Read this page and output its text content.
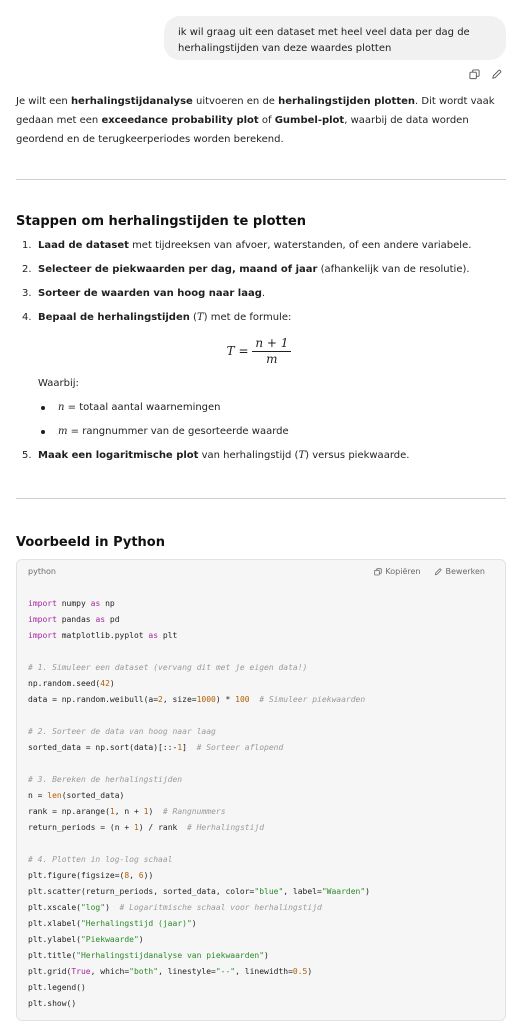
ik wil graag uit een dataset met heel veel data per dag de herhalingstijden van deze waardes plotten

Je wilt een herhalingstijdanalyse uitvoeren en de herhalingstijden plotten. Dit wordt vaak gedaan met een exceedance probability plot of Gumbel-plot, waarbij de data worden geordend en de terugkeerperiodes worden berekend.

Stappen om herhalingstijden te plotten
1. Laad de dataset met tijdreeksen van afvoer, waterstanden, of een andere variabele.
2. Selecteer de piekwaarden per dag, maand of jaar (afhankelijk van de resolutie).
3. Sorteer de waarden van hoog naar laag.
4. Bepaal de herhalingstijden (T) met de formule:
$T = \frac{n + 1}{m}$
Waarbij:
n = totaal aantal waarnemingen
m = rangnummer van de gesorteerde waarde
5. Maak een logaritmische plot van herhalingstijd (T) versus piekwaarde.
Voorbeeld in Python
python	Kopiëren	Bewerken
import numpy as np
import pandas as pd
import matplotlib.pyplot as plt

# 1. Simuleer een dataset (vervang dit met je eigen data!)
np.random.seed(42)
data = np.random.weibull(a=2, size=1000) * 100 # Simuleer piekwaarden

# 2. Sorteer de data van hoog naar laag
sorted_data = np.sort(data)[::-1]  # Sorteer aflopend

# 3. Bereken de herhalingstijden
n = len(sorted_data)
rank = np.arange(1, n + 1)  # Rangnummers
return_periods = (n + 1) / rank  # Herhalingstijd

# 4. Plotten in log-log schaal
plt.figure(figsize=(8, 6))
plt.scatter(return_periods, sorted_data, color="blue", label="Waarden")
plt.xscale("log")  # Logaritmische schaal voor herhalingstijd
plt.xlabel("Herhalingstijd (jaar)")
plt.ylabel("Piekwaarde")
plt.title("Herhalingstijdanalyse van piekwaarden")
plt.grid(True, which="both", linestyle="--", linewidth=0.5)
plt.legend()
plt.show()
